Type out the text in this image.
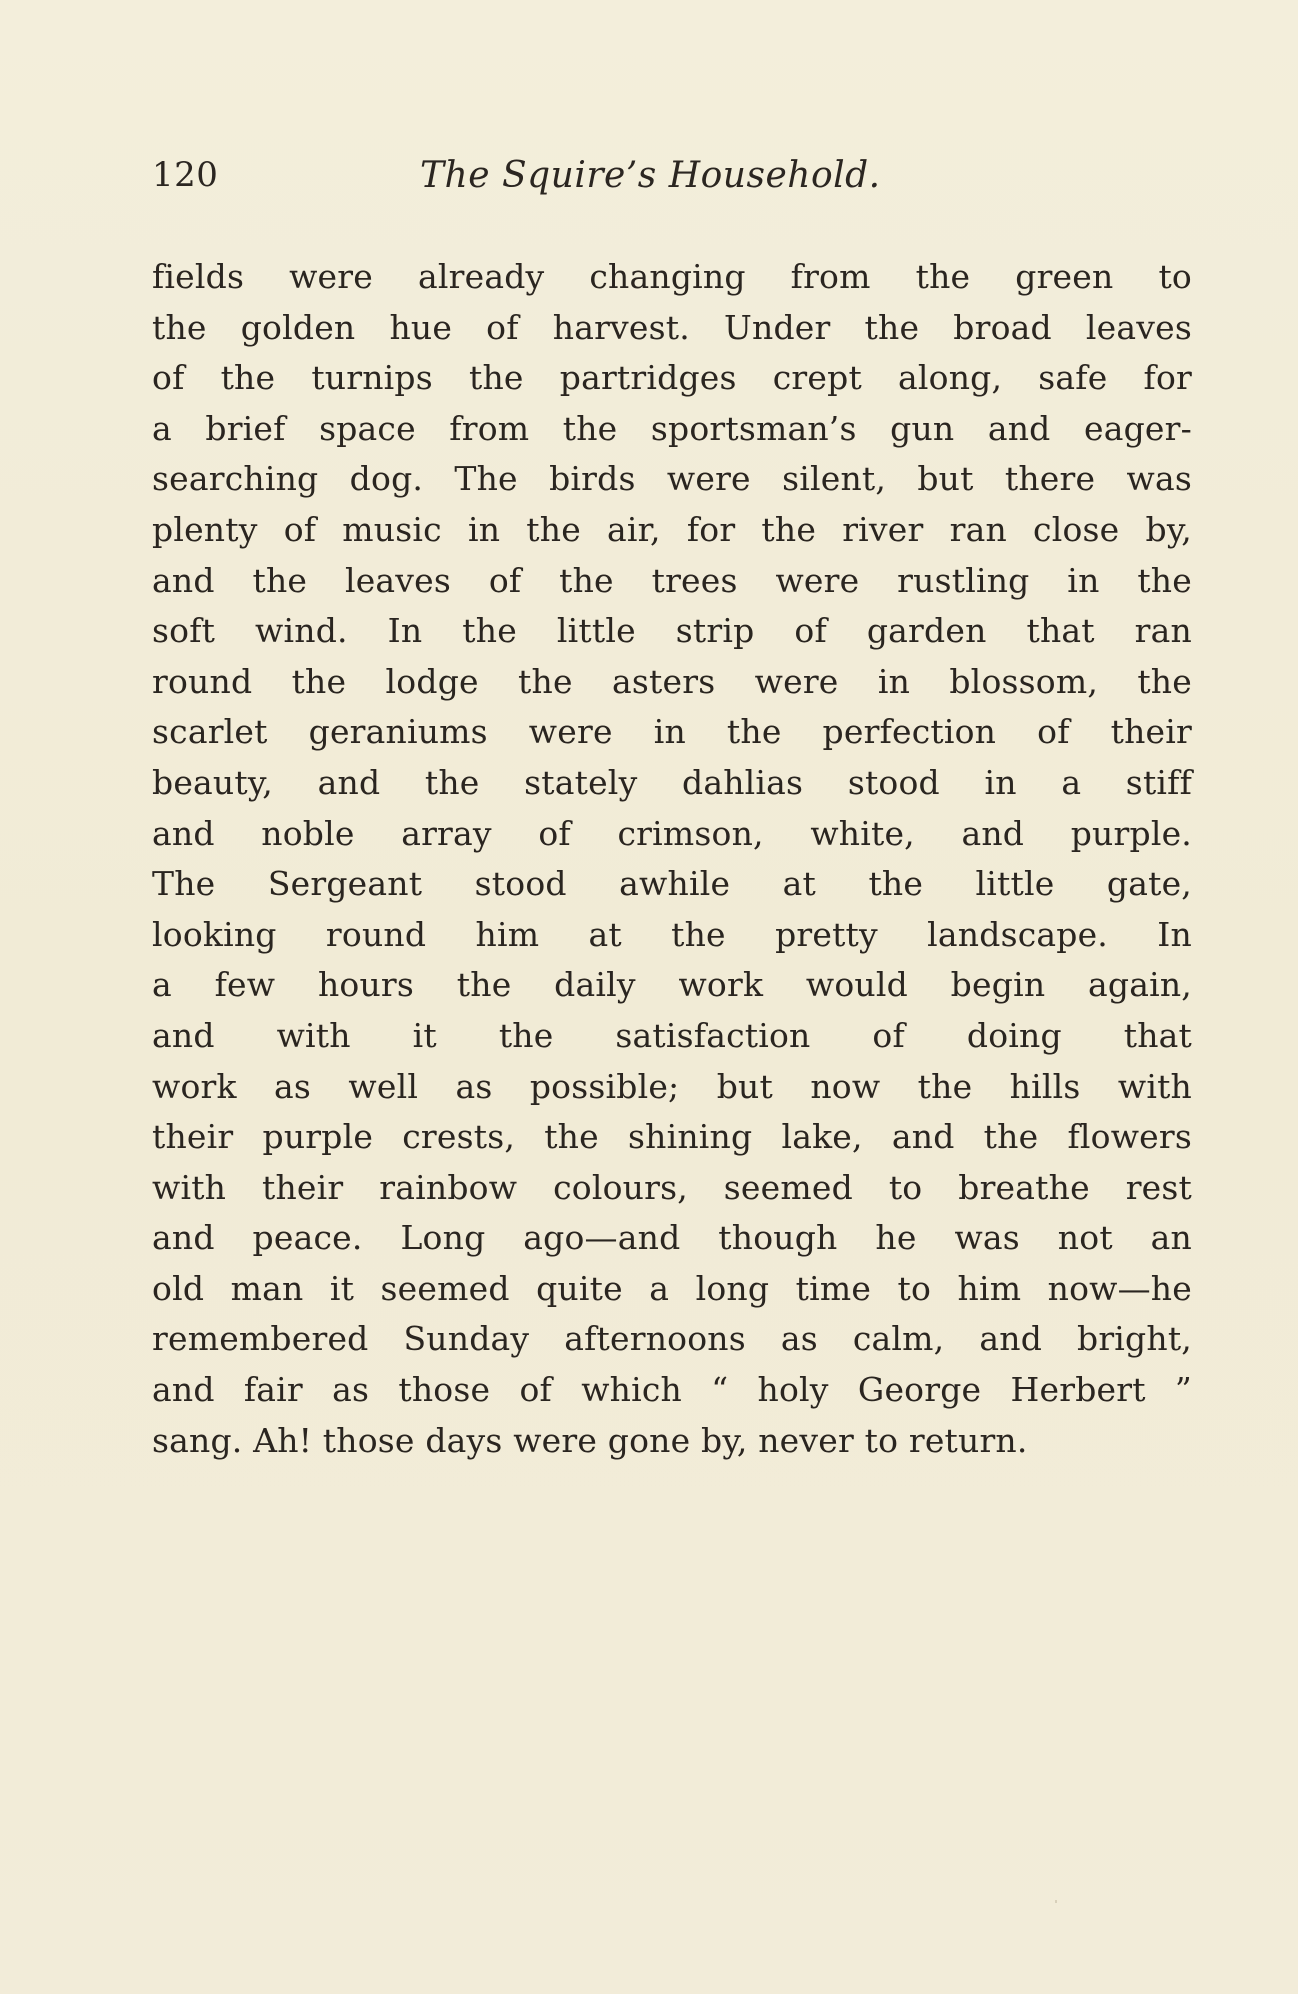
120	The Squire’s Household.
fields were already changing from the green to
the golden hue of harvest. Under the broad leaves
of the turnips the partridges crept along, safe for
a brief space from the sportsman’s gun and eager-
searching dog. The birds were silent, but there was
plenty of music in the air, for the river ran close by,
and the leaves of the trees were rustling in the
soft wind. In the little strip of garden that ran
round the lodge the asters were in blossom, the
scarlet geraniums were in the perfection of their
beauty, and the stately dahlias stood in a stiff
and noble array of crimson, white, and purple.
The Sergeant stood awhile at the little gate,
looking round him at the pretty landscape. In
a few hours the daily work would begin again,
and with it the satisfaction of doing that
work as well as possible; but now the hills with
their purple crests, the shining lake, and the flowers
with their rainbow colours, seemed to breathe rest
and peace. Long ago—and though he was not an
old man it seemed quite a long time to him now—he
remembered Sunday afternoons as calm, and bright,
and fair as those of which “ holy George Herbert ”
sang. Ah! those days were gone by, never to return.
